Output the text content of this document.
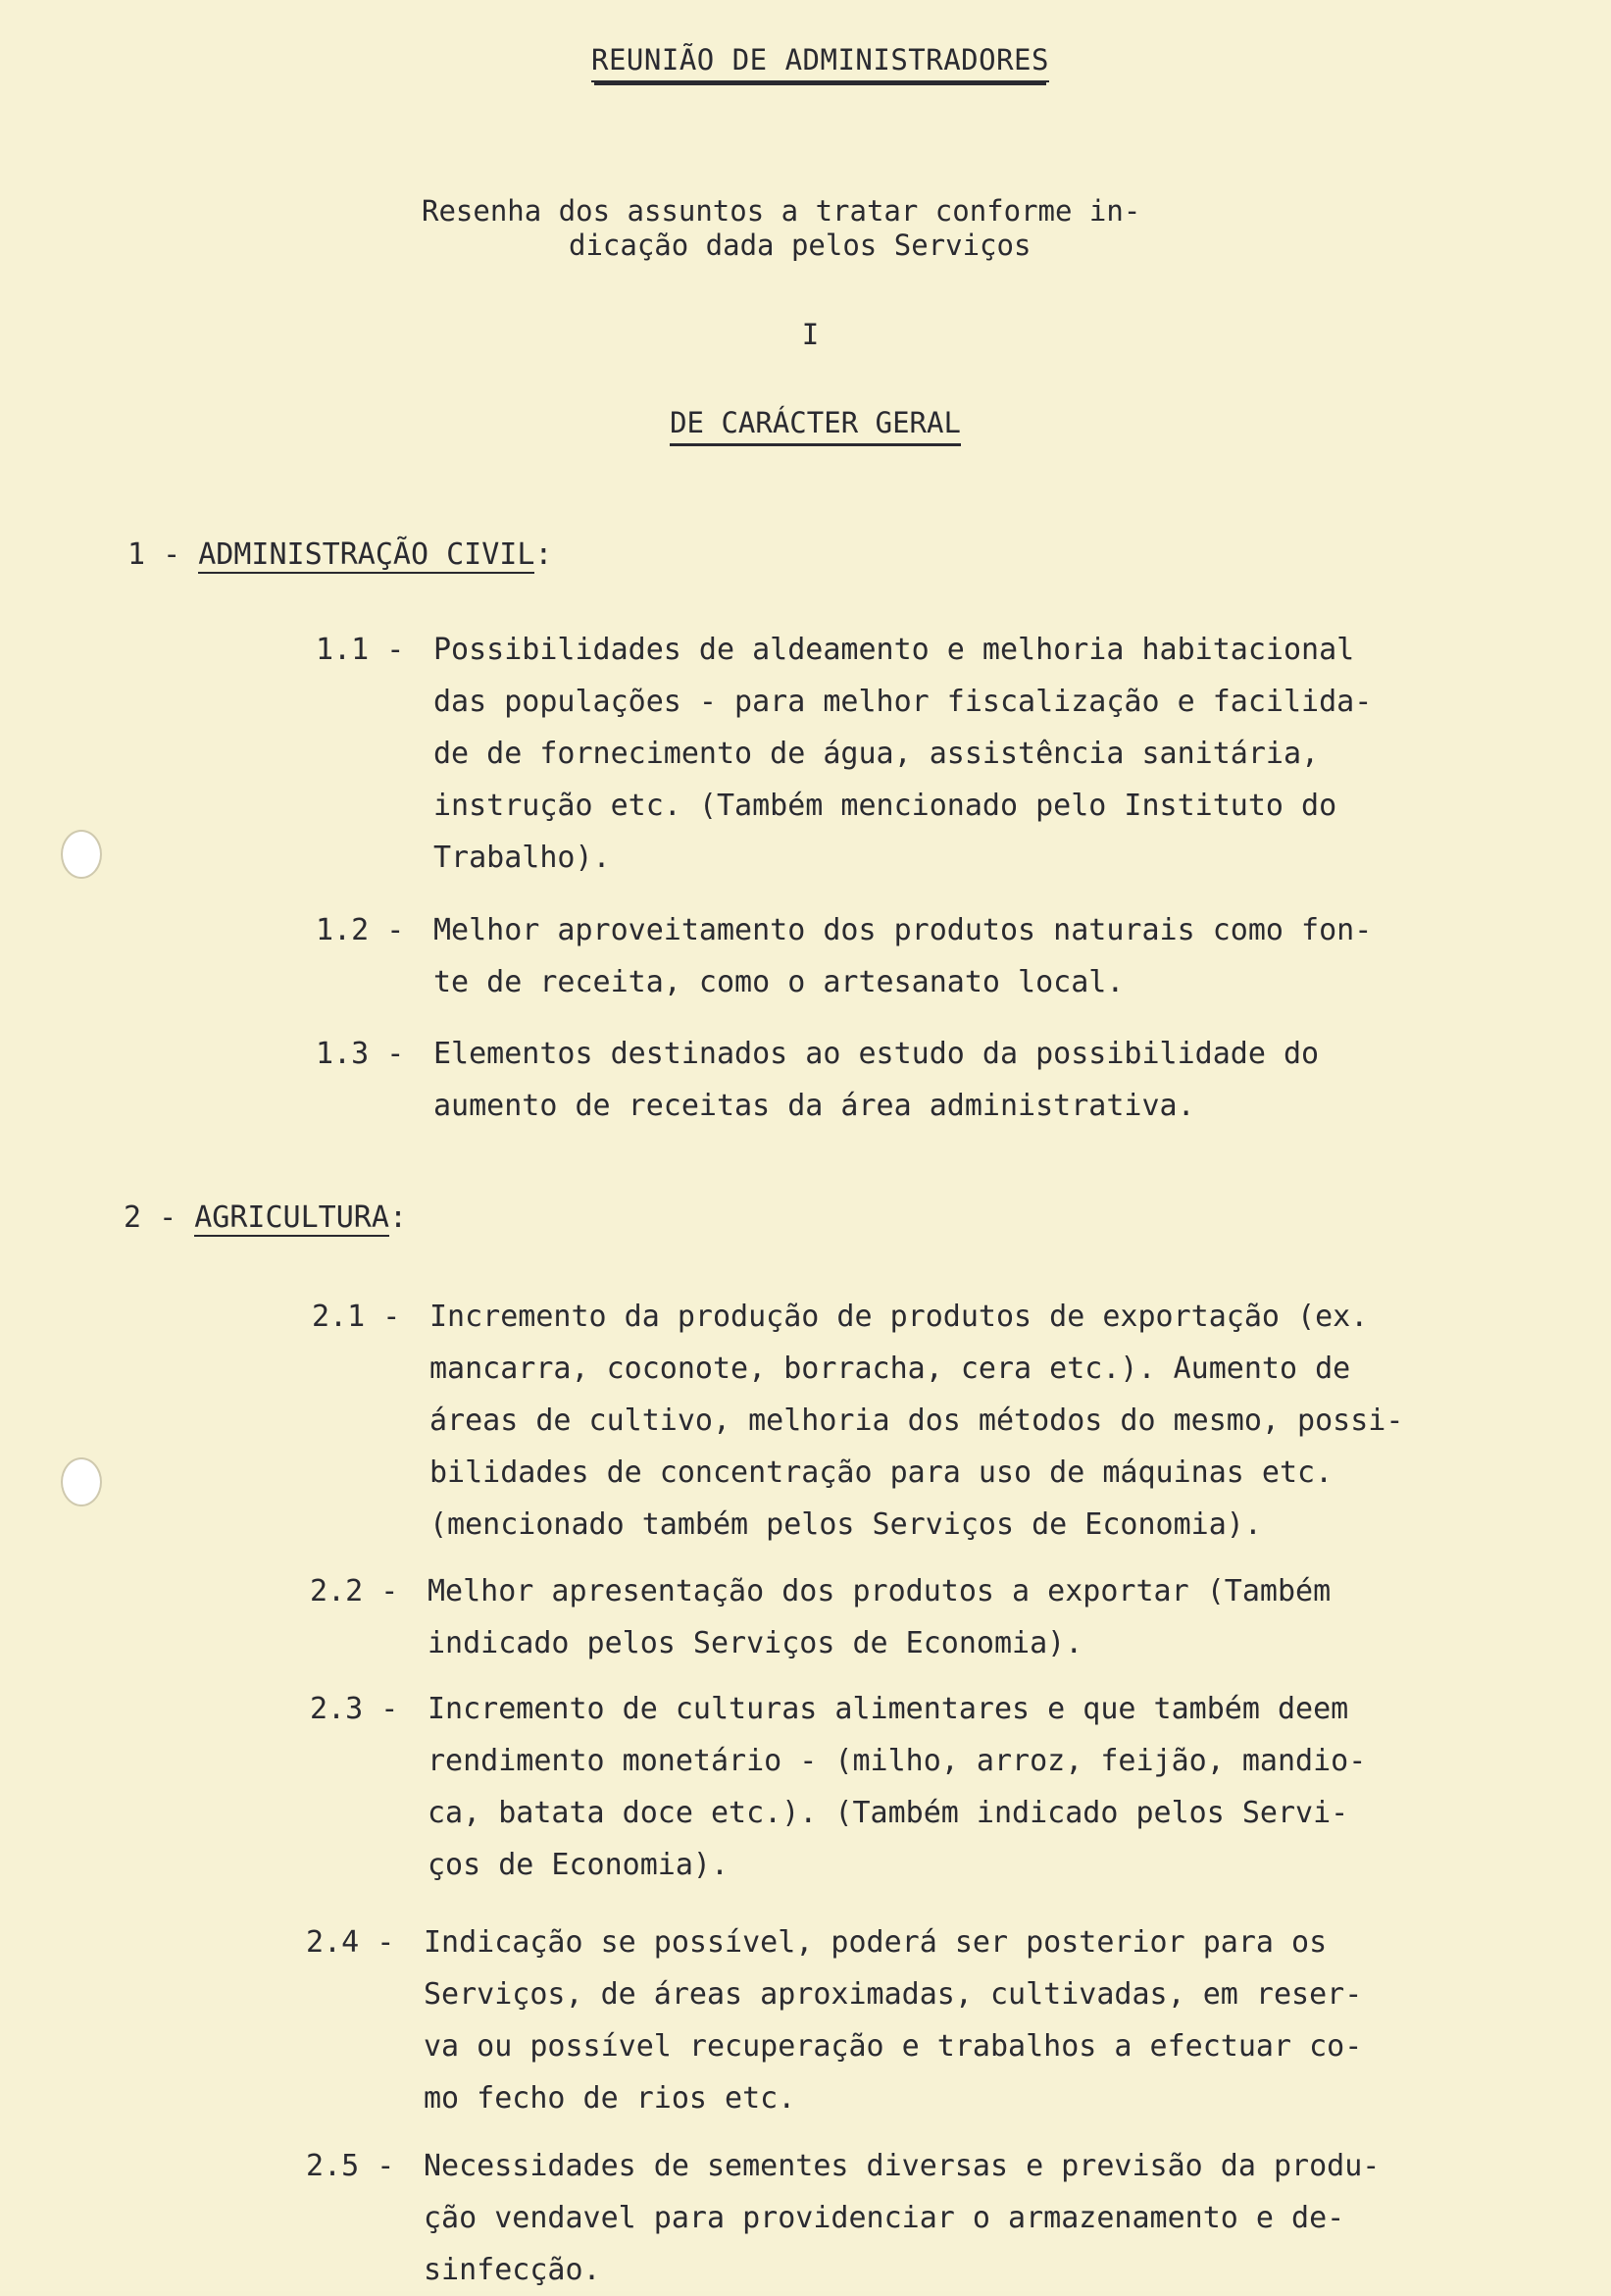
REUNIÃO DE ADMINISTRADORES
Resenha dos assuntos a tratar conforme in-
dicação dada pelos Serviços
I
DE CARÁCTER GERAL
1 - ADMINISTRAÇÃO CIVIL:
1.1 - Possibilidades de aldeamento e melhoria habitacional
das populações - para melhor fiscalização e facilida-
de de fornecimento de água, assistência sanitária,
instrução etc. (Também mencionado pelo Instituto do
Trabalho).
1.2 - Melhor aproveitamento dos produtos naturais como fon-
te de receita, como o artesanato local.
1.3 - Elementos destinados ao estudo da possibilidade do
aumento de receitas da área administrativa.
2 - AGRICULTURA:
2.1 - Incremento da produção de produtos de exportação (ex.
mancarra, coconote, borracha, cera etc.). Aumento de
áreas de cultivo, melhoria dos métodos do mesmo, possi-
bilidades de concentração para uso de máquinas etc.
(mencionado também pelos Serviços de Economia).
2.2 - Melhor apresentação dos produtos a exportar (Também
indicado pelos Serviços de Economia).
2.3 - Incremento de culturas alimentares e que também deem
rendimento monetário - (milho, arroz, feijão, mandio-
ca, batata doce etc.). (Também indicado pelos Servi-
ços de Economia).
2.4 - Indicação se possível, poderá ser posterior para os
Serviços, de áreas aproximadas, cultivadas, em reser-
va ou possível recuperação e trabalhos a efectuar co-
mo fecho de rios etc.
2.5 - Necessidades de sementes diversas e previsão da produ-
ção vendavel para providenciar o armazenamento e de-
sinfecção.
